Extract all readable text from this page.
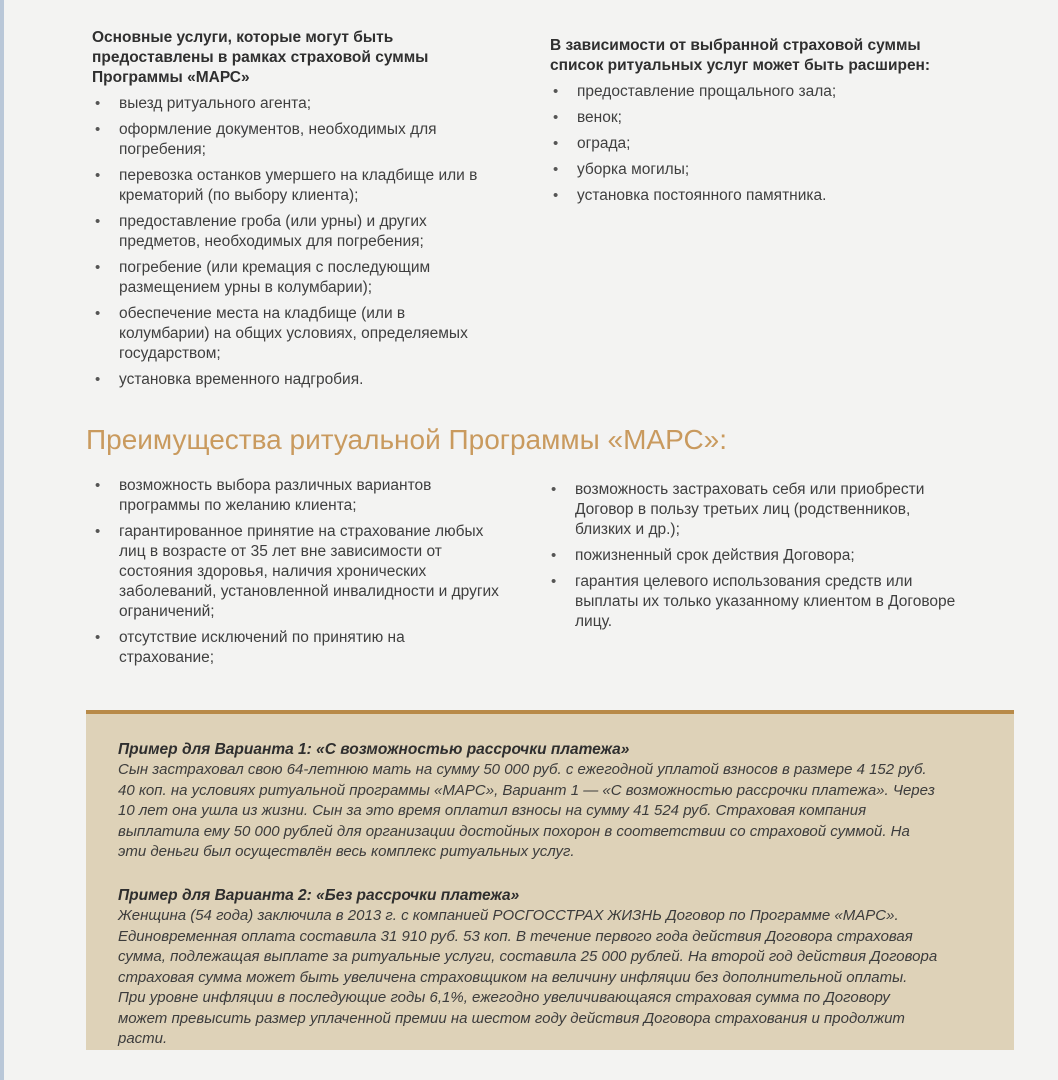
Основные услуги, которые могут быть предоставлены в рамках страховой суммы Программы «МАРС»
• выезд ритуального агента;
• оформление документов, необходимых для погребения;
• перевозка останков умершего на кладбище или в крематорий (по выбору клиента);
• предоставление гроба (или урны) и других предметов, необходимых для погребения;
• погребение (или кремация с последующим размещением урны в колумбарии);
• обеспечение места на кладбище (или в колумбарии) на общих условиях, определяемых государством;
• установка временного надгробия.
В зависимости от выбранной страховой суммы список ритуальных услуг может быть расширен:
• предоставление прощального зала;
• венок;
• ограда;
• уборка могилы;
• установка постоянного памятника.
Преимущества ритуальной Программы «МАРС»:
• возможность выбора различных вариантов программы по желанию клиента;
• гарантированное принятие на страхование любых лиц в возрасте от 35 лет вне зависимости от состояния здоровья, наличия хронических заболеваний, установленной инвалидности и других ограничений;
• отсутствие исключений по принятию на страхование;
• возможность застраховать себя или приобрести Договор в пользу третьих лиц (родственников, близких и др.);
• пожизненный срок действия Договора;
• гарантия целевого использования средств или выплаты их только указанному клиентом в Договоре лицу.
Пример для Варианта 1: «С возможностью рассрочки платежа»
Сын застраховал свою 64-летнюю мать на сумму 50 000 руб. с ежегодной уплатой взносов в размере 4 152 руб. 40 коп. на условиях ритуальной программы «МАРС», Вариант 1 — «С возможностью рассрочки платежа». Через 10 лет она ушла из жизни. Сын за это время оплатил взносы на сумму 41 524 руб. Страховая компания выплатила ему 50 000 рублей для организации достойных похорон в соответствии со страховой суммой. На эти деньги был осуществлён весь комплекс ритуальных услуг.
Пример для Варианта 2: «Без рассрочки платежа»
Женщина (54 года) заключила в 2013 г. с компанией РОСГОССТРАХ ЖИЗНЬ Договор по Программе «МАРС». Единовременная оплата составила 31 910 руб. 53 коп. В течение первого года действия Договора страховая сумма, подлежащая выплате за ритуальные услуги, составила 25 000 рублей. На второй год действия Договора страховая сумма может быть увеличена страховщиком на величину инфляции без дополнительной оплаты. При уровне инфляции в последующие годы 6,1%, ежегодно увеличивающаяся страховая сумма по Договору может превысить размер уплаченной премии на шестом году действия Договора страхования и продолжит расти.
